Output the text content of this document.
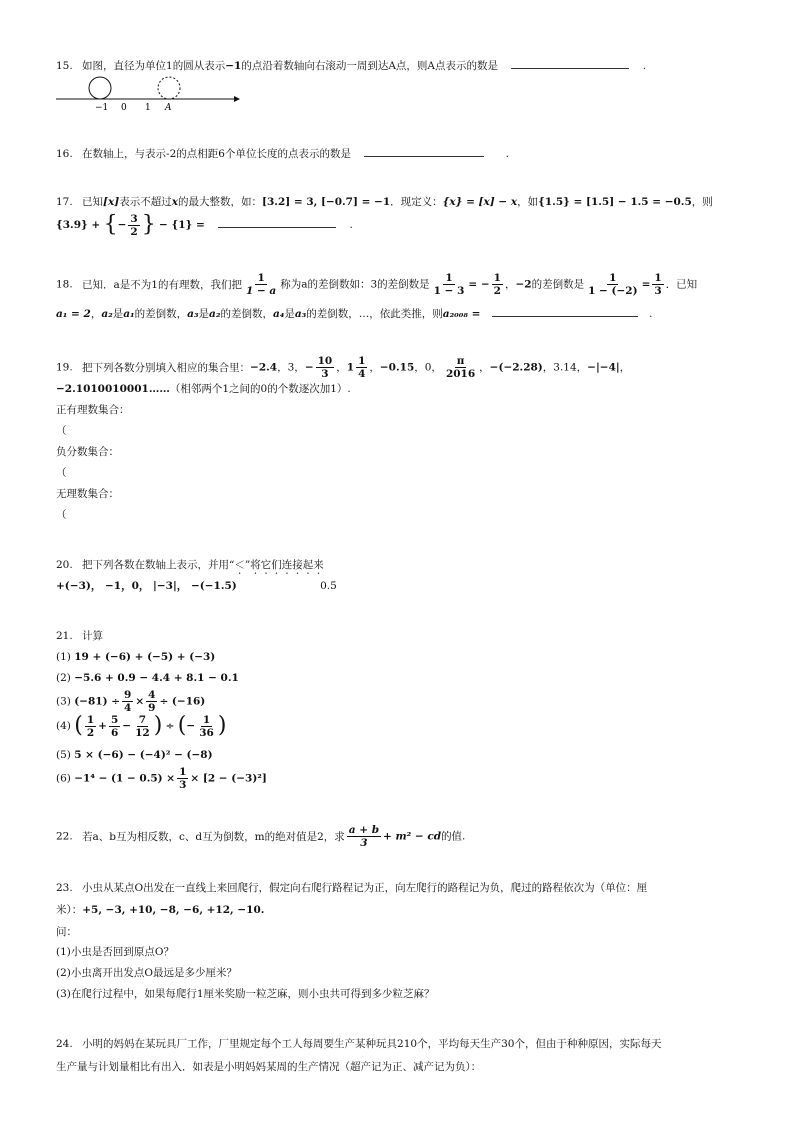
15. 如图，直径为单位1的圆从表示−1的点沿着数轴向右滚动一周到达A点，则A点表示的数是	.
−1 0 1 A
16. 在数轴上，与表示-2的点相距6个单位长度的点表示的数是	.
17. 已知[x]表示不超过x的最大整数，如：[3.2] = 3, [−0.7] = −1．现定义：{x} = [x] − x，如{1.5} = [1.5] − 1.5 = −0.5，则
{3.9} + {− $\frac{3}{2}$ } − {1} =	.
18. 已知．a是不为1的有理数，我们把 $\frac{1}{1 - a}$ 称为a的差倒数如：3的差倒数是 $\frac{1}{1 - 3}$ = − $\frac{1}{2}$ ，−2的差倒数是 $\frac{1}{1 - (-2)} = \frac{1}{3}$ ．已知
a₁ = 2，a₂是a₁的差倒数，a₃是a₂的差倒数，a₄是a₃的差倒数，…，依此类推，则a₂₀₀₈ =	.
19. 把下列各数分别填入相应的集合里：−2.4，3，− $\frac{10}{3}$ ，$1 \frac{1}{4}$ ，−0.15，0， $\frac{\pi}{2016}$ ，−(−2.28)，3.14，−|−4|，
−2.1010010001……（相邻两个1之间的0的个数逐次加1）.
正有理数集合：
（
负分数集合：
（
无理数集合：
（
20. 把下列各数在数轴上表示，并用“＜”将它们连接起来
+(−3)， −1，0， |−3|， −(−1.5)	0.5
21. 计算
(1) 19 + (−6) + (−5) + (−3)
(2) −5.6 + 0.9 − 4.4 + 8.1 − 0.1
(3) $(-81) \div \frac{9}{4} \times \frac{4}{9} \div (-16)$
(4) ( $\frac{1}{2} + \frac{5}{6} - \frac{7}{12}$ ) ÷ (− $\frac{1}{36}$ )
(5) 5 × (−6) − (−4)² − (−8)
$(6) -1^4 - (1 - 0.5) \times \frac{1}{3} \times [2 - (-3)^2]$
22. 若a、b互为相反数，c、d互为倒数，m的绝对值是2，求 $\frac{a + b}{3} + m^2$ − cd的值.
23. 小虫从某点O出发在一直线上来回爬行，假定向右爬行路程记为正，向左爬行的路程记为负，爬过的路程依次为（单位：厘
米）：+5, −3, +10, −8, −6, +12, −10.
问：
(1)小虫是否回到原点O？
(2)小虫离开出发点O最远是多少厘米？
(3)在爬行过程中，如果每爬行1厘米奖励一粒芝麻，则小虫共可得到多少粒芝麻？
24. 小明的妈妈在某玩具厂工作，厂里规定每个工人每周要生产某种玩具210个，平均每天生产30个，但由于种种原因，实际每天
生产量与计划量相比有出入．如表是小明妈妈某周的生产情况（超产记为正、减产记为负）：
